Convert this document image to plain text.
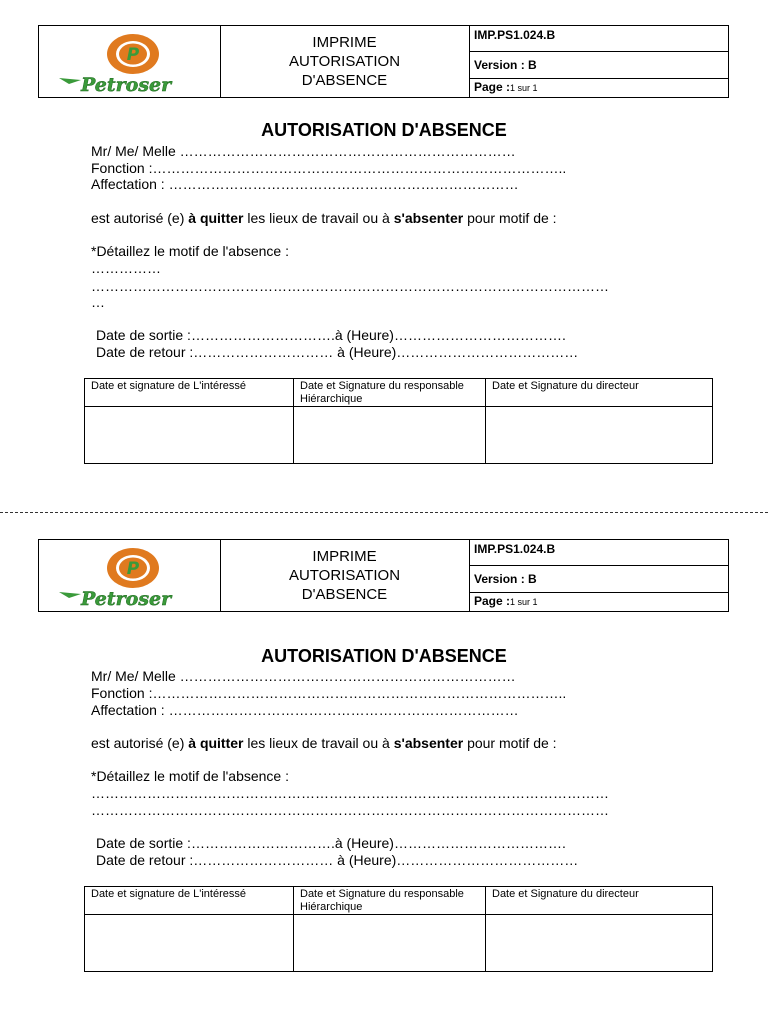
P
Petroser
IMPRIME
AUTORISATION
D'ABSENCE
IMP.PS1.024.B
Version : B
Page :1 sur 1
AUTORISATION D'ABSENCE
Mr/ Me/ Melle ………………………………………………………………
Fonction :……………………………………………………………………………..
Affectation : …………………………………………………………………
est autorisé (e) à quitter les lieux de travail ou à s'absenter pour motif de :
*Détaillez le motif de l'absence :
……………
…………………………………………………………………………………………………
…
Date de sortie :………………………….à (Heure)……………………………….
Date de retour :………………………… à (Heure)…………………………………
Date et signature de L'intéressé	Date et Signature du responsable Hiérarchique
Date et Signature du directeur
P
Petroser
IMPRIME
AUTORISATION
D'ABSENCE
IMP.PS1.024.B
Version : B
Page :1 sur 1
AUTORISATION D'ABSENCE
Mr/ Me/ Melle ………………………………………………………………
Fonction :……………………………………………………………………………..
Affectation : …………………………………………………………………
est autorisé (e) à quitter les lieux de travail ou à s'absenter pour motif de :
*Détaillez le motif de l'absence :
…………………………………………………………………………………………………
…………………………………………………………………………………………………
Date de sortie :………………………….à (Heure)……………………………….
Date de retour :………………………… à (Heure)…………………………………
Date et signature de L'intéressé	Date et Signature du responsable Hiérarchique
Date et Signature du directeur
